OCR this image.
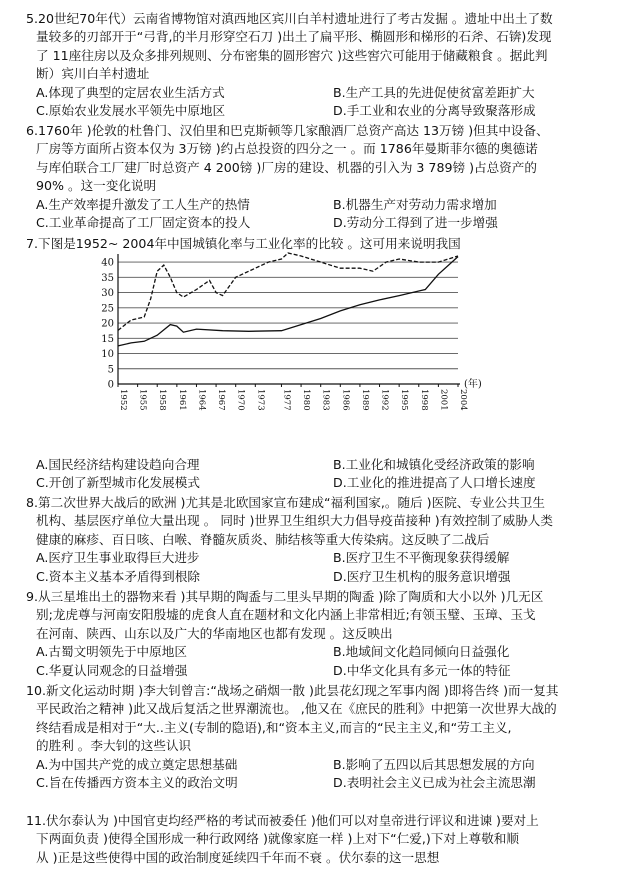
5.20世纪70年代）云南省博物馆对滇西地区宾川白羊村遗址进行了考古发掘 。遗址中出土了数
量较多的刃部开于“弓背,的半月形穿空石刀 )出土了扁平形、椭圆形和梯形的石斧、石锛)发现
了 11座往房以及众多排列规则、分布密集的圆形窖穴 )这些窖穴可能用于储藏粮食 。据此判
断）宾川白羊村遗址
A.体现了典型的定居农业生活方式	B.生产工具的先进促使贫富差距扩大
C.原始农业发展水平领先中原地区	D.手工业和农业的分离导致聚落形成
6.1760年 )伦敦的杜鲁门、汉伯里和巴克斯顿等几家酿酒厂总资产高达 13万镑 )但其中设备、
厂房等方面所占资本仅为 3万镑 )约占总投资的四分之一 。而 1786年曼斯菲尔德的奥德诺
与库伯联合工厂建厂时总资产 4 200镑 )厂房的建设、机器的引入为 3 789镑 )占总资产的
90% 。这一变化说明
A.生产效率提升激发了工人生产的热情	B.机器生产对劳动力需求增加
C.工业革命提高了工厂固定资本的投人	D.劳动分工得到了进一步增强
7.下图是1952~ 2004年中国城镇化率与工业化率的比较 。这可用来说明我国
0
5
10
15
20
25
30
35
40
1952 1955 1958 1961 1964 1967 1970 1973 1977 1980 1983 1986 1989 1992 1995 1998 2001 2004
(年)
A.国民经济结构建设趋向合理	B.工业化和城镇化受经济政策的影响
C.开创了新型城市化发展模式	D.工业化的推进提高了人口增长速度
8.第二次世界大战后的欧洲 )尤其是北欧国家宣布建成“福利国家,。随后 )医院、专业公共卫生
机构、基层医疗单位大量出现 。 同时 )世界卫生组织大力倡导疫苗接种 )有效控制了威胁人类
健康的麻疹、百日咳、白喉、脊髓灰质炎、肺结核等重大传染病。这反映了二战后
A.医疗卫生事业取得巨大进步	B.医疗卫生不平衡现象获得缓解
C.资本主义基本矛盾得到根除	D.医疗卫生机构的服务意识增强
9.从三星堆出土的器物来看 )其早期的陶盉与二里头早期的陶盉 )除了陶质和大小以外 )几无区
别;龙虎尊与河南安阳殷墟的虎食人直在题材和文化内涵上非常相近;有领玉璧、玉璋、玉戈
在河南、陕西、山东以及广大的华南地区也都有发现 。这反映出
A.古蜀文明领先于中原地区	B.地域间文化趋同倾向日益强化
C.华夏认同观念的日益增强	D.中华文化具有多元一体的特征
10.新文化运动时期 )李大钊曾言:“战场之硝烟一散 )此昙花幻现之军事内阁 )即将告终 )而一复其
平民政治之精神 )此又战后复活之世界潮流也。 ,他又在《庶民的胜利》中把第一次世界大战的
终结看成是相对于“大..主义(专制的隐语),和“资本主义,而言的“民主主义,和“劳工主义,
的胜利 。李大钊的这些认识
A.为中国共产党的成立奠定思想基础	B.影响了五四以后其思想发展的方向
C.旨在传播西方资本主义的政治文明	D.表明社会主义已成为社会主流思潮
11.伏尔泰认为 )中国官吏均经严格的考试而被委任 )他们可以对皇帝进行评议和进谏 )要对上
下两面负责 )使得全国形成一种行政网络 )就像家庭一样 )上对下“仁爱,)下对上尊敬和顺
从 )正是这些使得中国的政治制度延续四千年而不衰 。伏尔泰的这一思想
